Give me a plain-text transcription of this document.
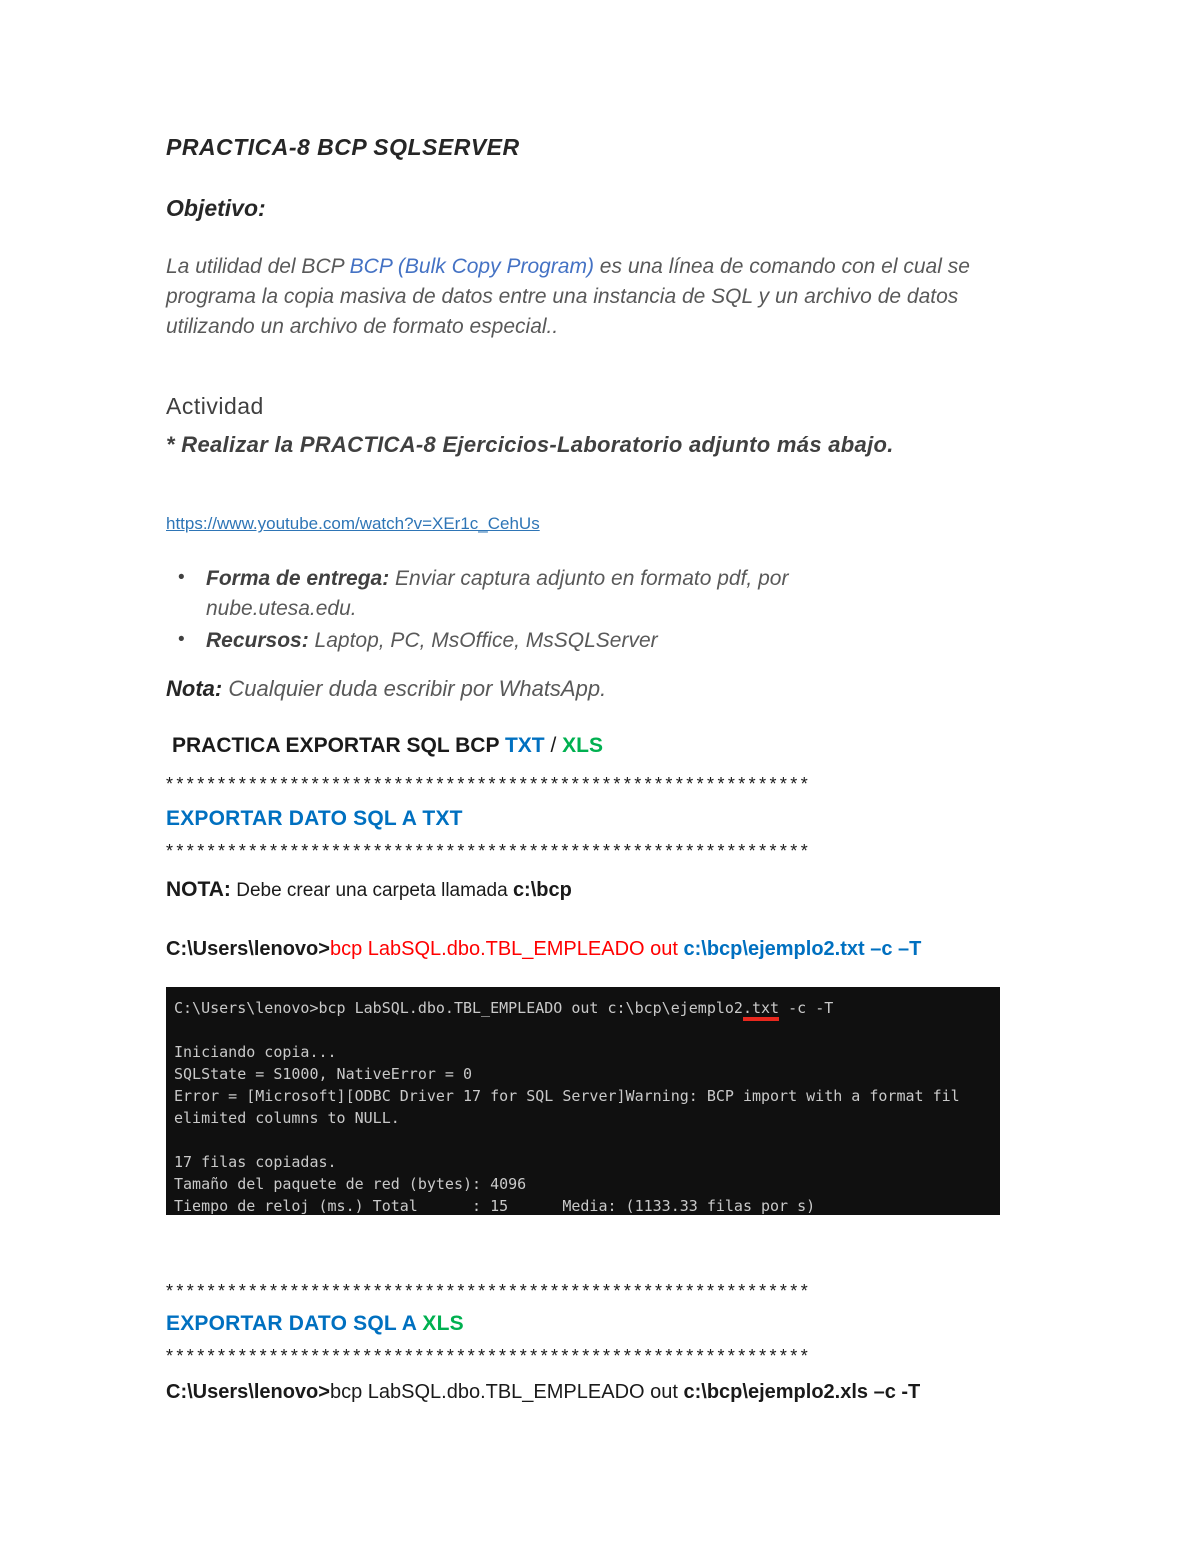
PRACTICA-8 BCP SQLSERVER
Objetivo:

La utilidad del BCP BCP (Bulk Copy Program) es una línea de comando con el cual se programa la copia masiva de datos entre una instancia de SQL y un archivo de datos utilizando un archivo de formato especial..

Actividad

* Realizar la PRACTICA-8 Ejercicios-Laboratorio adjunto más abajo.

https://www.youtube.com/watch?v=XEr1c_CehUs
• Forma de entrega: Enviar captura adjunto en formato pdf, por nube.utesa.edu.
• Recursos: Laptop, PC, MsOffice, MsSQLServer

Nota: Cualquier duda escribir por WhatsApp.

PRACTICA EXPORTAR SQL BCP TXT / XLS

**************************************************************

EXPORTAR DATO SQL A TXT

**************************************************************

NOTA: Debe crear una carpeta llamada c:\bcp

C:\Users\lenovo>bcp LabSQL.dbo.TBL_EMPLEADO out c:\bcp\ejemplo2.txt –c –T

C:\Users\lenovo>bcp LabSQL.dbo.TBL_EMPLEADO out c:\bcp\ejemplo2.txt -c -T
Iniciando copia...
SQLState = S1000, NativeError = 0
Error = [Microsoft][ODBC Driver 17 for SQL Server]Warning: BCP import with a format fil
elimited columns to NULL.
17 filas copiadas.
Tamaño del paquete de red (bytes): 4096
Tiempo de reloj (ms.) Total      : 15      Media: (1133.33 filas por s)
**************************************************************

EXPORTAR DATO SQL A XLS

**************************************************************

C:\Users\lenovo>bcp LabSQL.dbo.TBL_EMPLEADO out c:\bcp\ejemplo2.xls –c -T
